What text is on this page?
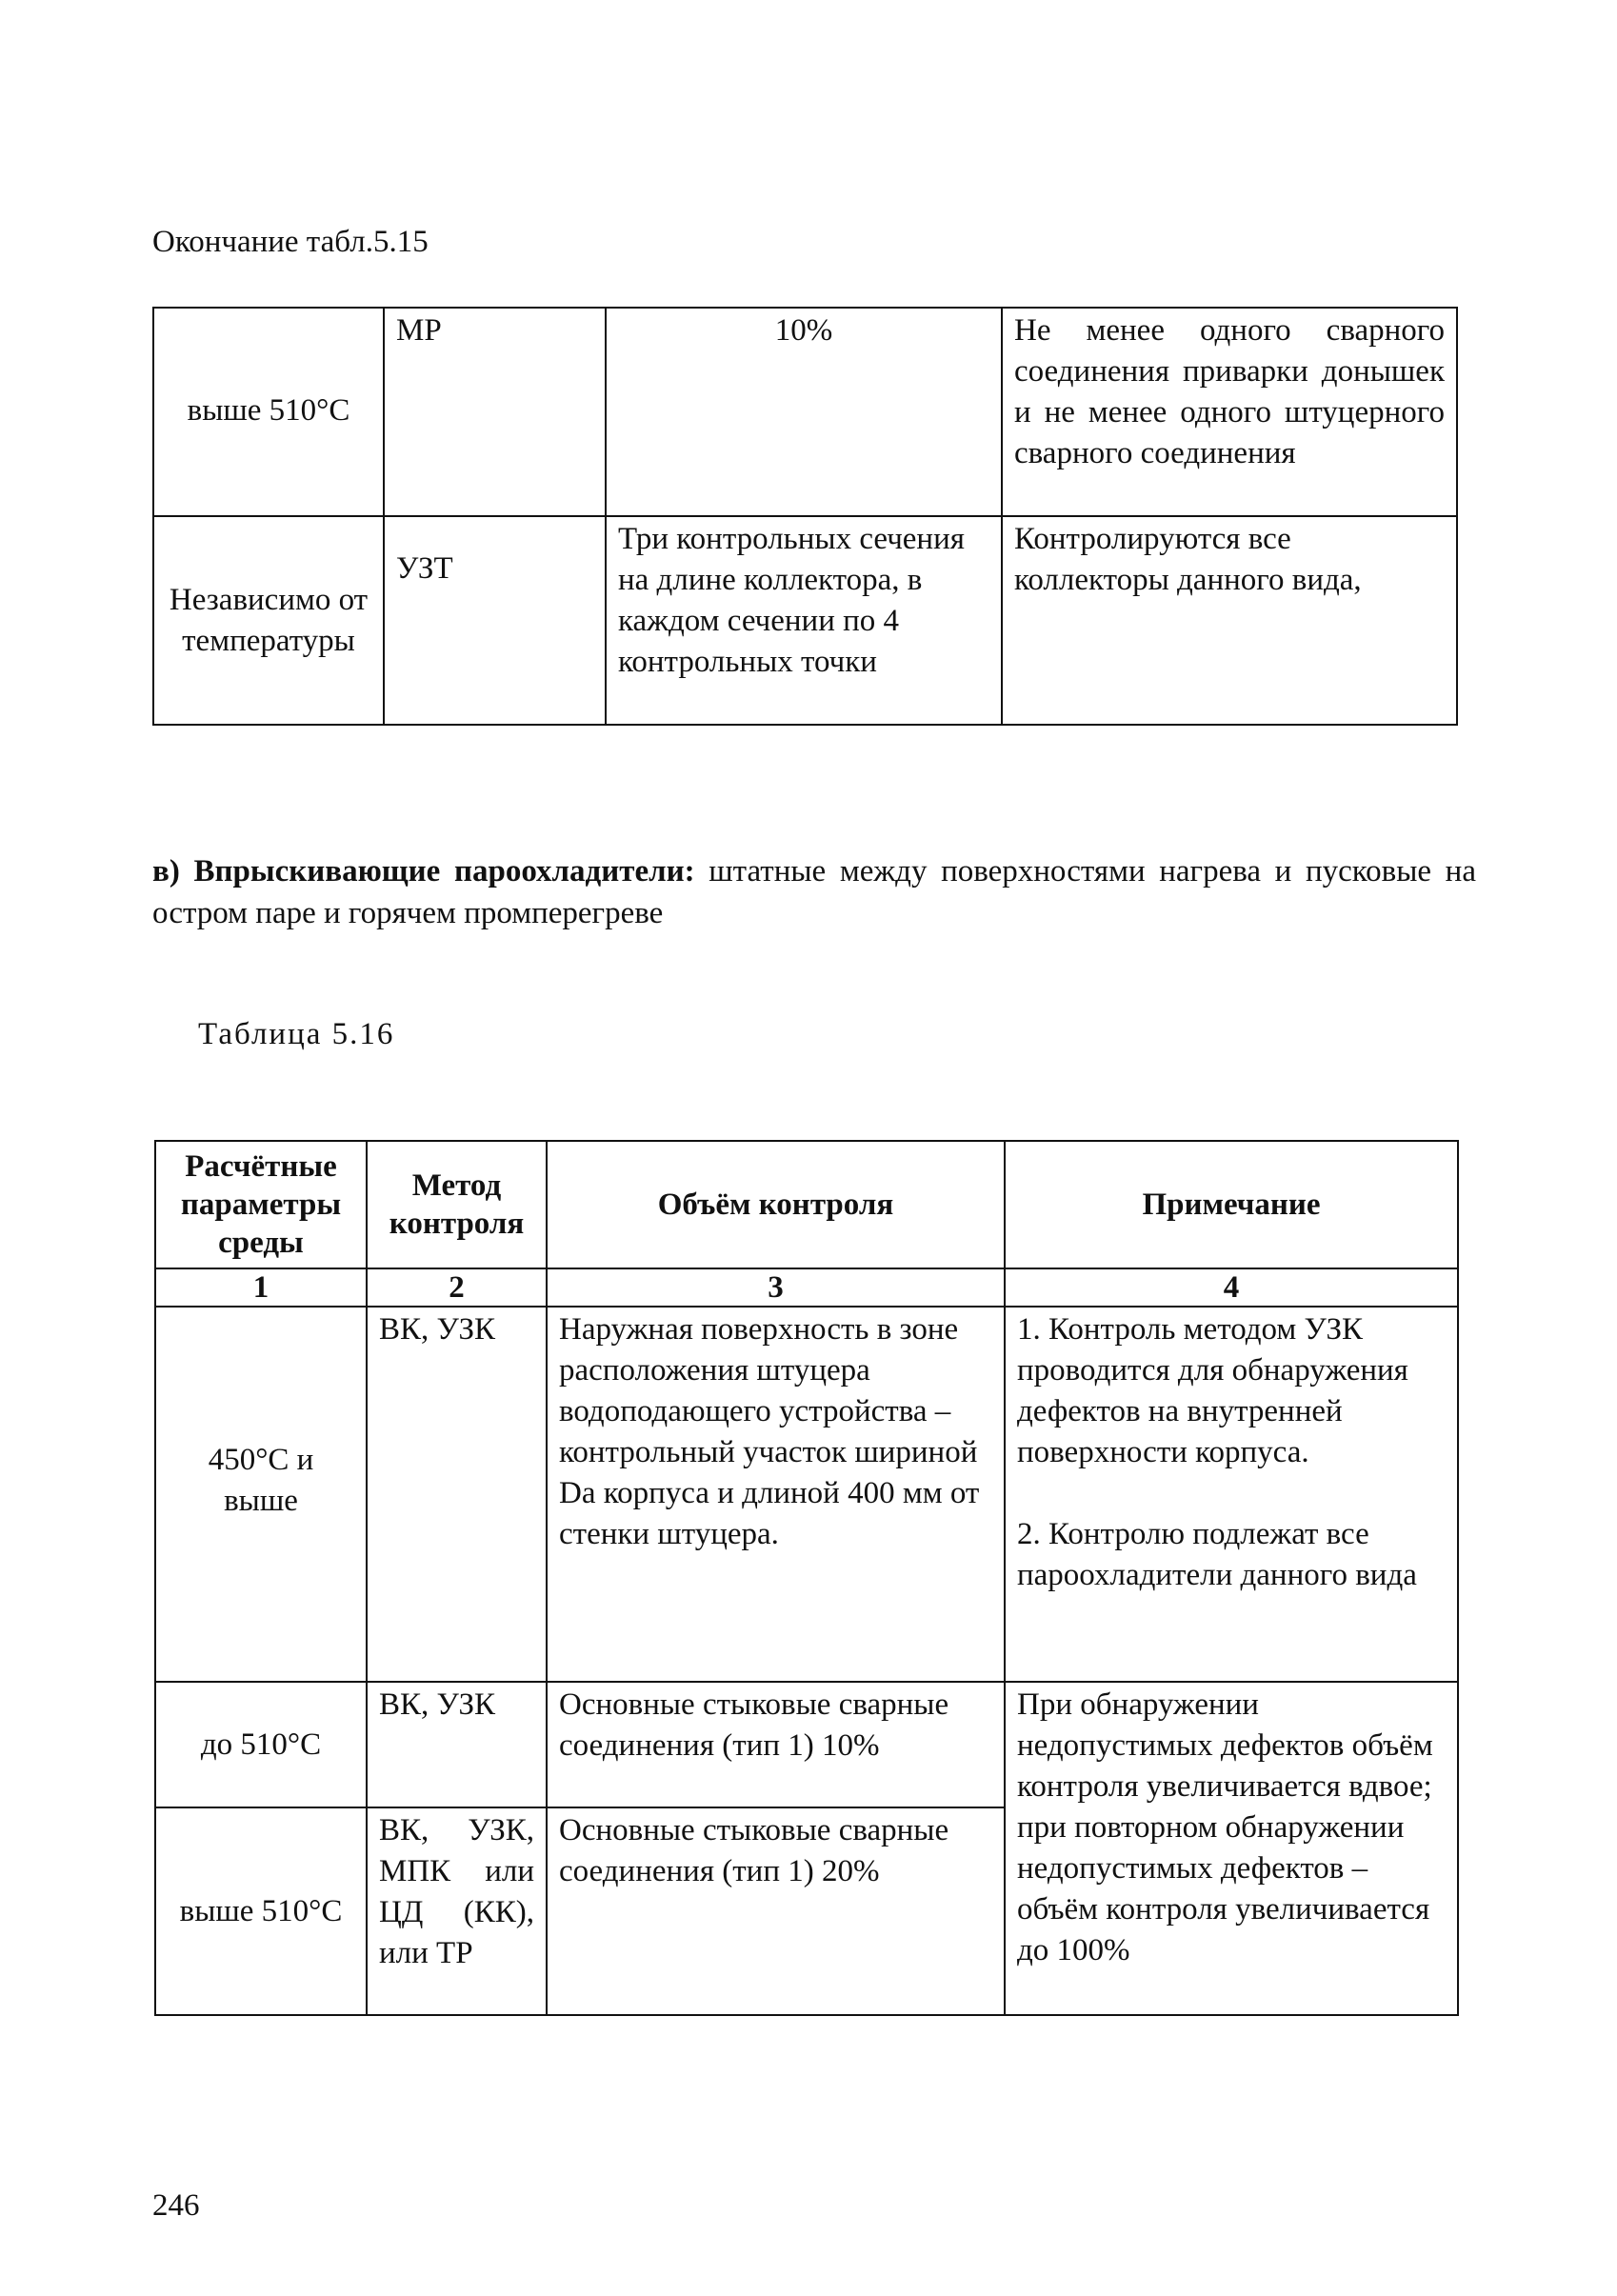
Окончание табл.5.15
выше 510°C	МР	10%	Не менее одного сварного соединения приварки донышек и не менее одного штуцерного сварного соединения
Независимо от температуры	УЗТ	Три контрольных сечения на длине коллектора, в каждом сечении по 4 контрольных точки	Контролируются все коллекторы данного вида,
в) Впрыскивающие пароохладители: штатные между поверхностями нагрева и пусковые на остром паре и горячем промперегреве
Таблица 5.16
Расчётные параметры среды	Метод контроля	Объём контроля	Примечание
1	2	3	4
450°C и выше	ВК, УЗК	Наружная поверхность в зоне расположения штуцера водоподающего устройства – контрольный участок шириной Da корпуса и длиной 400 мм от стенки штуцера.	1. Контроль методом УЗК проводится для обнаружения дефектов на внутренней поверхности корпуса.
2. Контролю подлежат все пароохладители данного вида
до 510°C	ВК, УЗК	Основные стыковые сварные соединения (тип 1) 10%	При обнаружении недопустимых дефектов объём контроля увеличивается вдвое; при повторном обнаружении недопустимых дефектов – объём контроля увеличивается до 100%
выше 510°C	ВК, УЗК, МПК или ЦД (КК), или ТР	Основные стыковые сварные соединения (тип 1) 20%	
246
